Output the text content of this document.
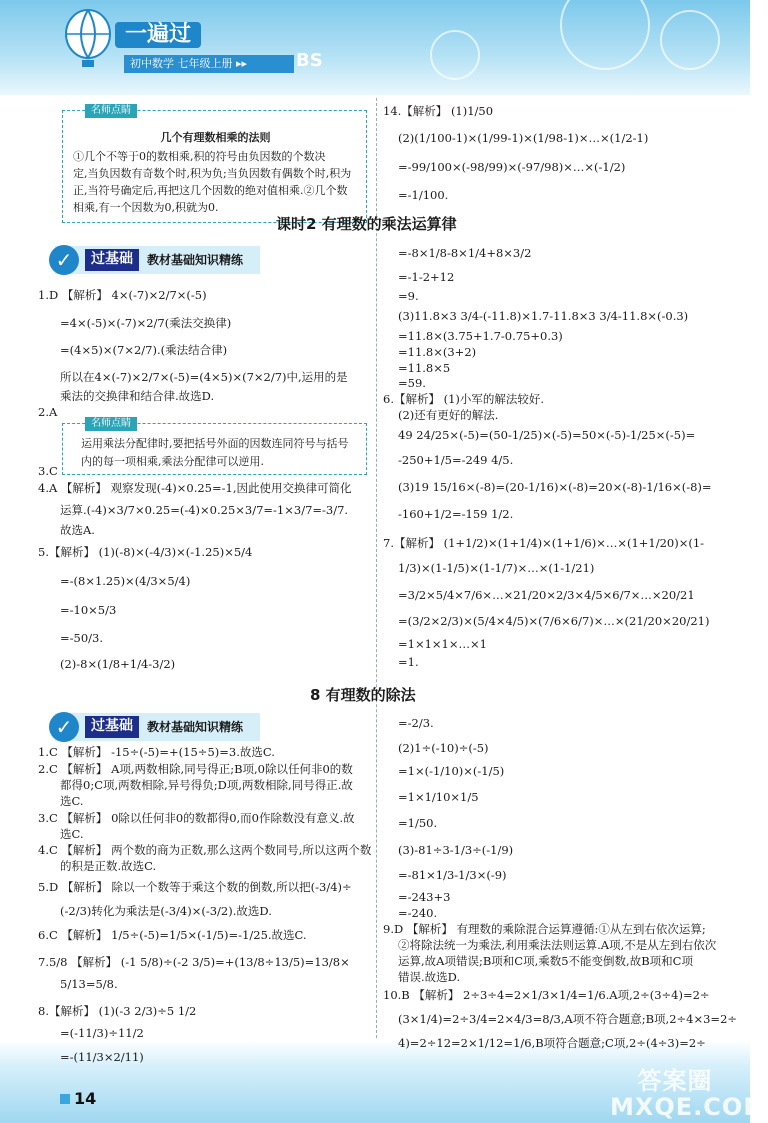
一遍过
初中数学 七年级上册 ▸▸	BS
名师点睛
几个有理数相乘的法则
①几个不等于0的数相乘,积的符号由负因数的个数决
定,当负因数有奇数个时,积为负;当负因数有偶数个时,积为
正,当符号确定后,再把这几个因数的绝对值相乘.②几个数
相乘,有一个因数为0,积就为0.
课时2 有理数的乘法运算律
✓	过基础	教材基础知识精练
1.D 【解析】 4×(-7)×2/7×(-5)
=4×(-5)×(-7)×2/7(乘法交换律)
=(4×5)×(7×2/7).(乘法结合律)
所以在4×(-7)×2/7×(-5)=(4×5)×(7×2/7)中,运用的是
乘法的交换律和结合律.故选D.
2.A
名师点睛
运用乘法分配律时,要把括号外面的因数连同符号与括号
内的每一项相乘,乘法分配律可以逆用.
3.C
4.A 【解析】 观察发现(-4)×0.25=-1,因此使用交换律可简化
运算.(-4)×3/7×0.25=(-4)×0.25×3/7=-1×3/7=-3/7.
故选A.
5.【解析】 (1)(-8)×(-4/3)×(-1.25)×5/4
=-(8×1.25)×(4/3×5/4)
=-10×5/3
=-50/3.
(2)-8×(1/8+1/4-3/2)
14.【解析】 (1)1/50
(2)(1/100-1)×(1/99-1)×(1/98-1)×…×(1/2-1)
=-99/100×(-98/99)×(-97/98)×…×(-1/2)
=-1/100.
=-8×1/8-8×1/4+8×3/2
=-1-2+12
=9.
(3)11.8×3 3/4-(-11.8)×1.7-11.8×3 3/4-11.8×(-0.3)
=11.8×(3.75+1.7-0.75+0.3)
=11.8×(3+2)
=11.8×5
=59.
6.【解析】 (1)小军的解法较好.
(2)还有更好的解法.
49 24/25×(-5)=(50-1/25)×(-5)=50×(-5)-1/25×(-5)=
-250+1/5=-249 4/5.
(3)19 15/16×(-8)=(20-1/16)×(-8)=20×(-8)-1/16×(-8)=
-160+1/2=-159 1/2.
7.【解析】 (1+1/2)×(1+1/4)×(1+1/6)×…×(1+1/20)×(1-
1/3)×(1-1/5)×(1-1/7)×…×(1-1/21)
=3/2×5/4×7/6×…×21/20×2/3×4/5×6/7×…×20/21
=(3/2×2/3)×(5/4×4/5)×(7/6×6/7)×…×(21/20×20/21)
=1×1×1×…×1
=1.
8 有理数的除法
✓	过基础	教材基础知识精练
1.C 【解析】 -15÷(-5)=+(15÷5)=3.故选C.
2.C 【解析】 A项,两数相除,同号得正;B项,0除以任何非0的数
都得0;C项,两数相除,异号得负;D项,两数相除,同号得正.故
选C.
3.C 【解析】 0除以任何非0的数都得0,而0作除数没有意义.故
选C.
4.C 【解析】 两个数的商为正数,那么这两个数同号,所以这两个数
的积是正数.故选C.
5.D 【解析】 除以一个数等于乘这个数的倒数,所以把(-3/4)÷
(-2/3)转化为乘法是(-3/4)×(-3/2).故选D.
6.C 【解析】 1/5÷(-5)=1/5×(-1/5)=-1/25.故选C.
7.5/8 【解析】 (-1 5/8)÷(-2 3/5)=+(13/8÷13/5)=13/8×
5/13=5/8.
8.【解析】 (1)(-3 2/3)÷5 1/2
=(-11/3)÷11/2
=-(11/3×2/11)
=-2/3.
(2)1÷(-10)÷(-5)
=1×(-1/10)×(-1/5)
=1×1/10×1/5
=1/50.
(3)-81÷3-1/3÷(-1/9)
=-81×1/3-1/3×(-9)
=-243+3
=-240.
9.D 【解析】 有理数的乘除混合运算遵循:①从左到右依次运算;
②将除法统一为乘法,利用乘法法则运算.A项,不是从左到右依次
运算,故A项错误;B项和C项,乘数5不能变倒数,故B项和C项
错误.故选D.
10.B 【解析】 2÷3÷4=2×1/3×1/4=1/6.A项,2÷(3÷4)=2÷
(3×1/4)=2÷3/4=2×4/3=8/3,A项不符合题意;B项,2÷4×3=2÷
4)=2÷12=2×1/12=1/6,B项符合题意;C项,2÷(4÷3)=2÷
14
答案圈 MXQE.COM
